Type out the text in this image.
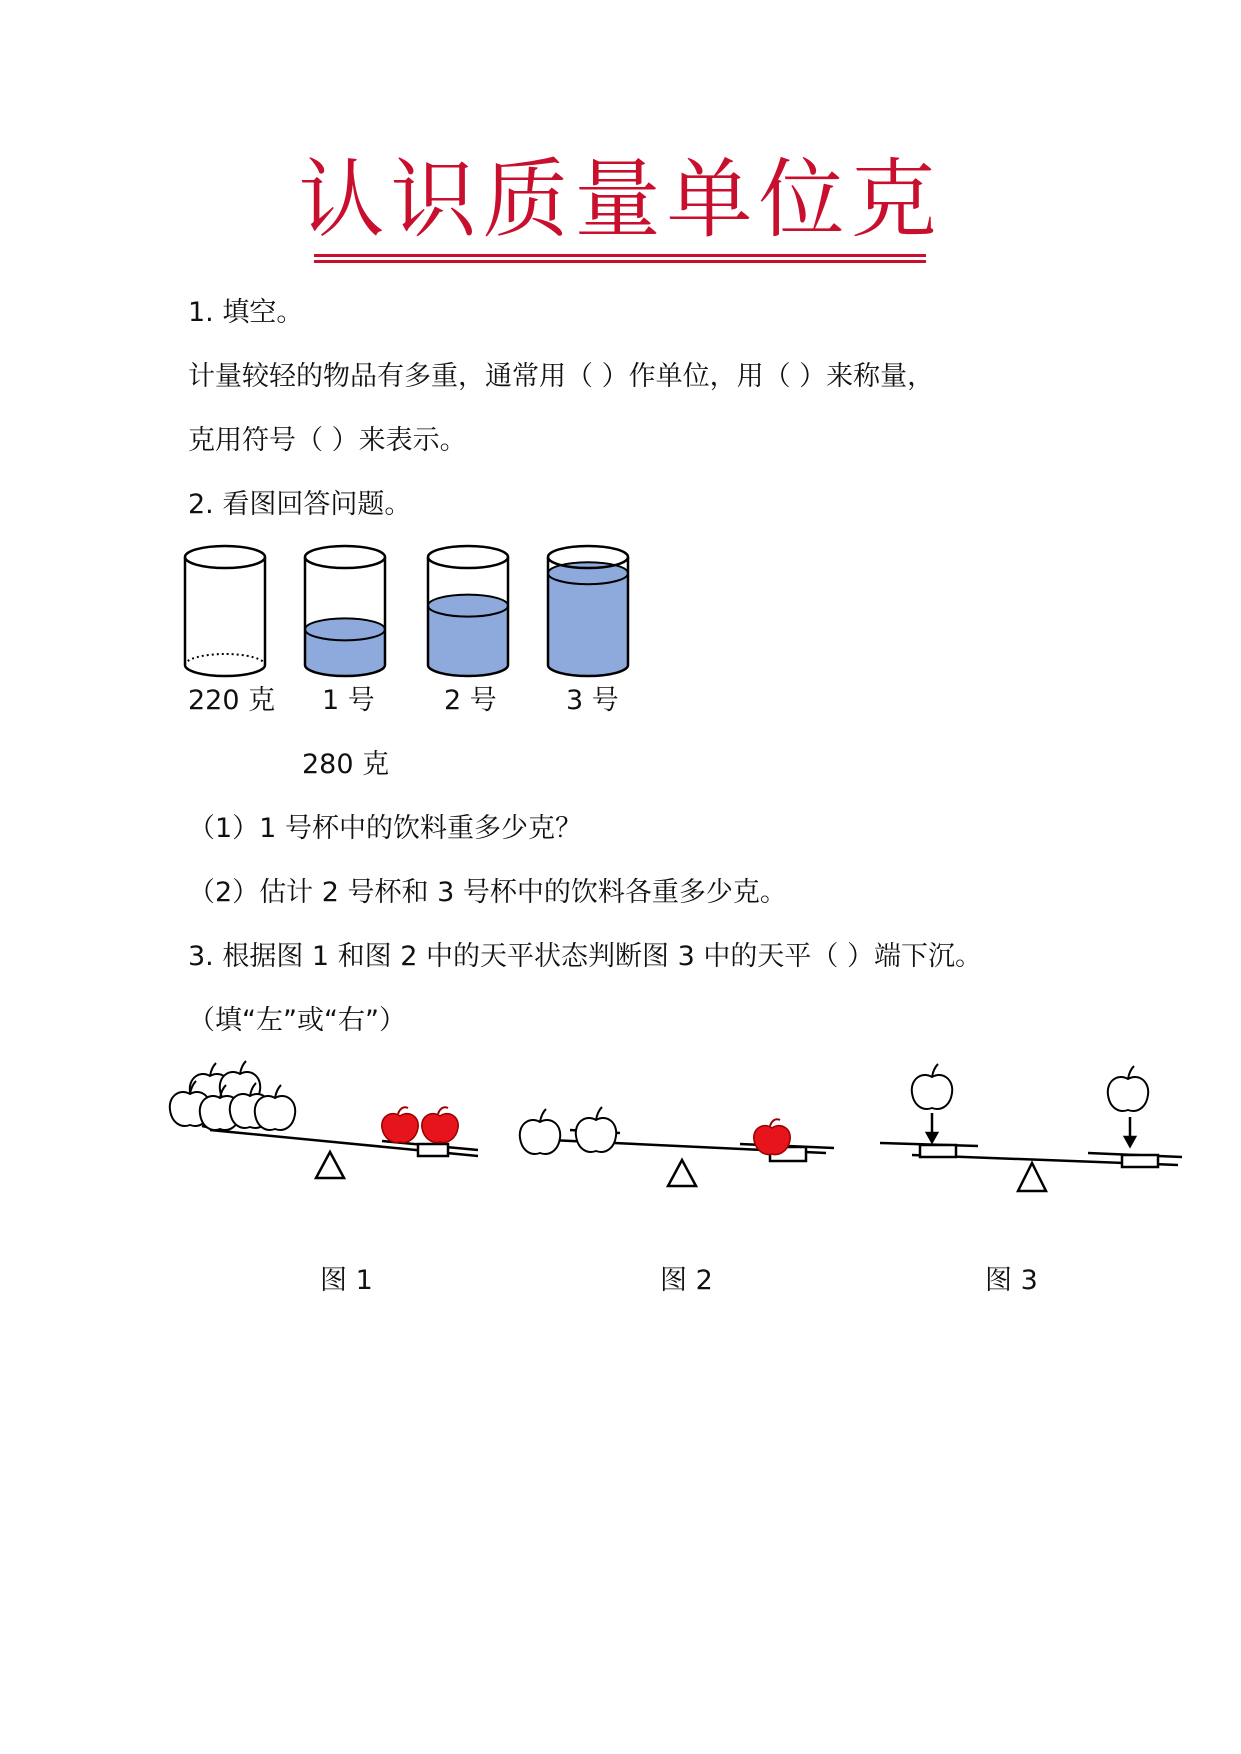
认识质量单位克
1. 填空。
计量较轻的物品有多重，通常用（ ）作单位，用（ ）来称量，
克用符号（ ）来表示。
2. 看图回答问题。
220 克 1 号	2 号	3 号
280 克
（1）1 号杯中的饮料重多少克？
（2）估计 2 号杯和 3 号杯中的饮料各重多少克。
3. 根据图 1 和图 2 中的天平状态判断图 3 中的天平（ ）端下沉。
（填“左”或“右”）
图 1	图 2	图 3
